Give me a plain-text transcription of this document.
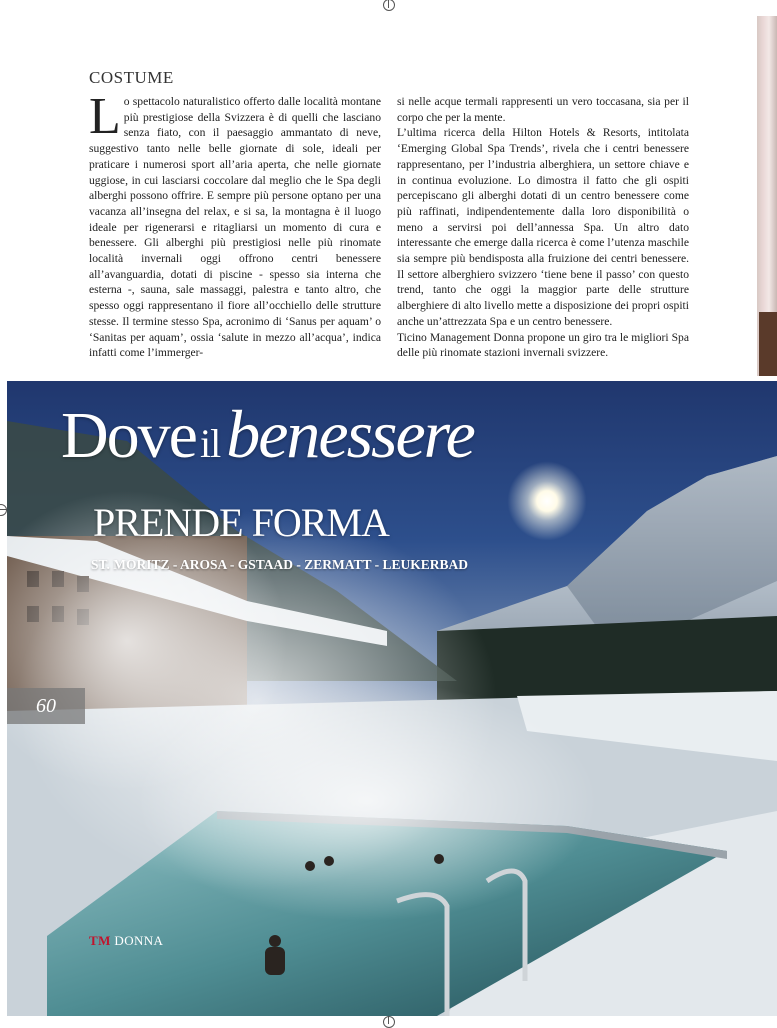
COSTUME

Lo spettacolo naturalistico offerto dalle località montane più prestigiose della Svizzera è di quelli che lasciano senza fiato, con il paesaggio ammantato di neve, suggestivo tanto nelle belle giornate di sole, ideali per praticare i numerosi sport all’aria aperta, che nelle giornate uggiose, in cui lasciarsi coccolare dal meglio che le Spa degli alberghi possono offrire. E sempre più persone optano per una vacanza all’insegna del relax, e si sa, la montagna è il luogo ideale per rigenerarsi e ritagliarsi un momento di cura e benessere. Gli alberghi più prestigiosi nelle più rinomate località invernali oggi offrono centri benessere all’avanguardia, dotati di piscine - spesso sia interna che esterna -, sauna, sale massaggi, palestra e tanto altro, che spesso oggi rappresentano il fiore all’occhiello delle strutture stesse. Il termine stesso Spa, acronimo di ‘Sanus per aquam’ o ‘Sanitas per aquam’, ossia ‘salute in mezzo all’acqua’, indica infatti come l’immerger-

si nelle acque termali rappresenti un vero toccasana, sia per il corpo che per la mente.

L’ultima ricerca della Hilton Hotels & Resorts, intitolata ‘Emerging Global Spa Trends’, rivela che i centri benessere rappresentano, per l’industria alberghiera, un settore chiave e in continua evoluzione. Lo dimostra il fatto che gli ospiti percepiscano gli alberghi dotati di un centro benessere come più raffinati, indipendentemente dalla loro disponibilità o meno a servirsi poi dell’annessa Spa. Un altro dato interessante che emerge dalla ricerca è come l’utenza maschile sia sempre più bendisposta alla fruizione dei centri benessere. Il settore alberghiero svizzero ‘tiene bene il passo’ con questo trend, tanto che oggi la maggior parte delle strutture alberghiere di alto livello mette a disposizione dei propri ospiti anche un’attrezzata Spa e un centro benessere.

Ticino Management Donna propone un giro tra le migliori Spa delle più rinomate stazioni invernali svizzere.

Dove ilbenessere
PRENDE FORMA
ST. MORITZ - AROSA - GSTAAD - ZERMATT - LEUKERBAD
60
TM DONNA
